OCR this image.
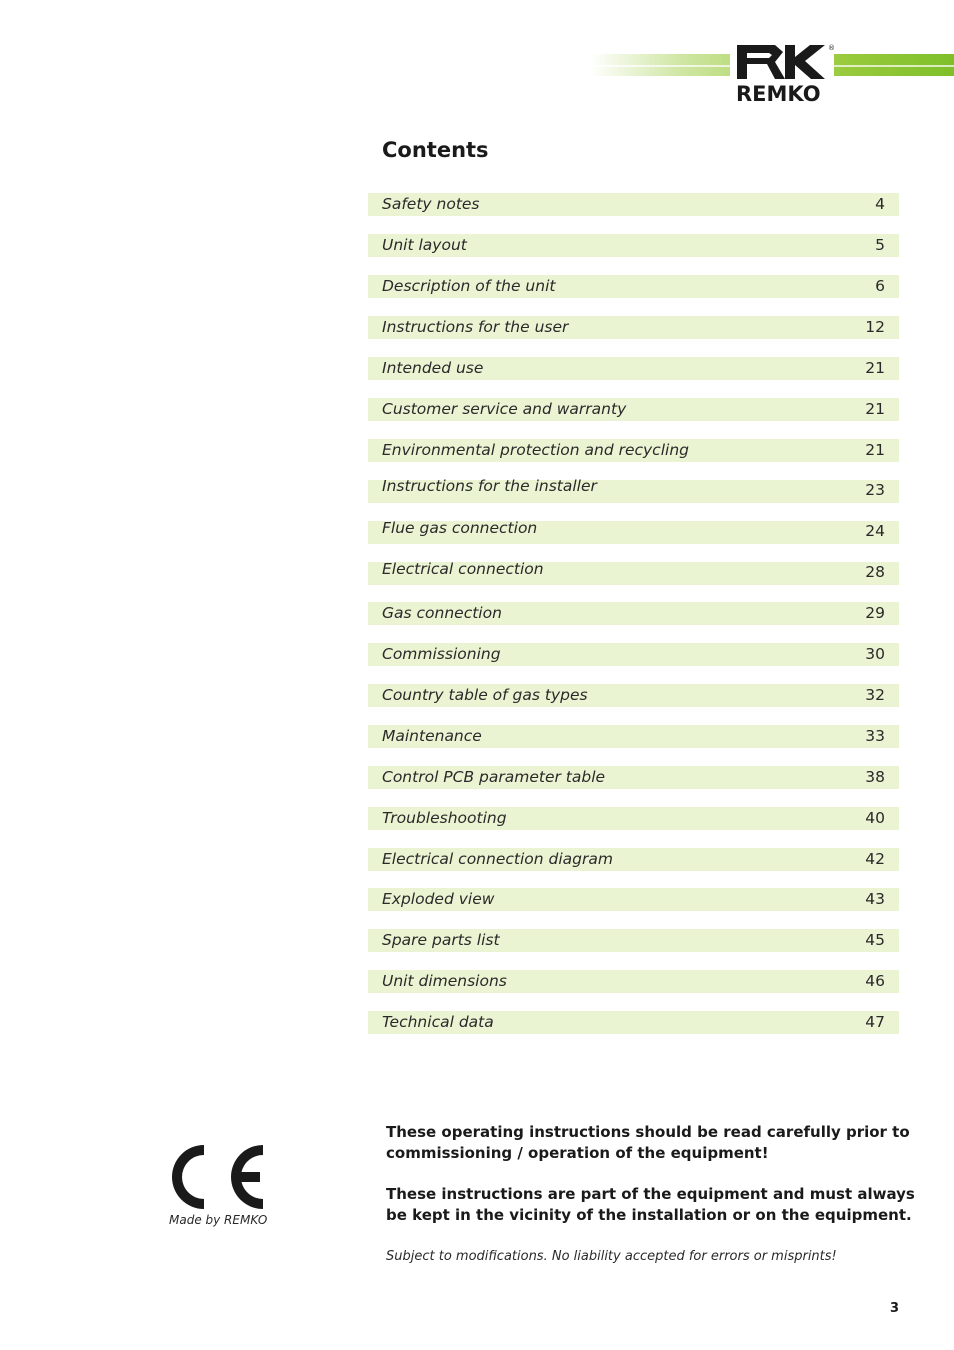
®
REMKO
Contents
Safety notes	4
Unit layout	5
Description of the unit	6
Instructions for the user	12
Intended use	21
Customer service and warranty	21
Environmental protection and recycling	21
Instructions for the installer	23
Flue gas connection	24
Electrical connection	28
Gas connection	29
Commissioning	30
Country table of gas types	32
Maintenance	33
Control PCB parameter table	38
Troubleshooting	40
Electrical connection diagram	42
Exploded view	43
Spare parts list	45
Unit dimensions	46
Technical data	47
Made by REMKO
These operating instructions should be read carefully prior to commissioning / operation of the equipment!
These instructions are part of the equipment and must always be kept in the vicinity of the installation or on the equipment.
Subject to modifications. No liability accepted for errors or misprints!
3
